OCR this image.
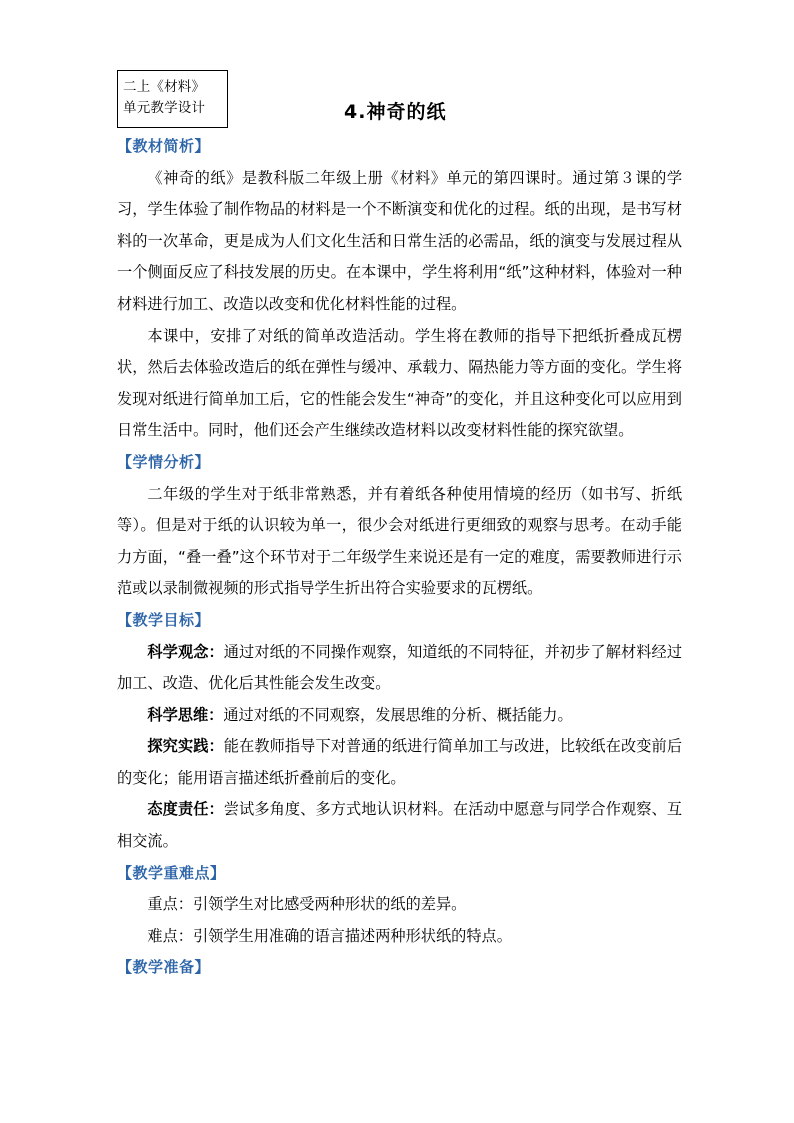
二上《材料》
单元教学设计	4.神奇的纸
【教材简析】

《神奇的纸》是教科版二年级上册《材料》单元的第四课时。通过第３课的学习，学生体验了制作物品的材料是一个不断演变和优化的过程。纸的出现，是书写材料的一次革命，更是成为人们文化生活和日常生活的必需品，纸的演变与发展过程从一个侧面反应了科技发展的历史。在本课中，学生将利用“纸”这种材料，体验对一种材料进行加工、改造以改变和优化材料性能的过程。

本课中，安排了对纸的简单改造活动。学生将在教师的指导下把纸折叠成瓦楞状，然后去体验改造后的纸在弹性与缓冲、承载力、隔热能力等方面的变化。学生将发现对纸进行简单加工后，它的性能会发生“神奇”的变化，并且这种变化可以应用到日常生活中。同时，他们还会产生继续改造材料以改变材料性能的探究欲望。

【学情分析】

二年级的学生对于纸非常熟悉，并有着纸各种使用情境的经历（如书写、折纸等）。但是对于纸的认识较为单一，很少会对纸进行更细致的观察与思考。在动手能力方面，“叠一叠”这个环节对于二年级学生来说还是有一定的难度，需要教师进行示范或以录制微视频的形式指导学生折出符合实验要求的瓦楞纸。

【教学目标】

科学观念：通过对纸的不同操作观察，知道纸的不同特征，并初步了解材料经过加工、改造、优化后其性能会发生改变。

科学思维：通过对纸的不同观察，发展思维的分析、概括能力。

探究实践：能在教师指导下对普通的纸进行简单加工与改进，比较纸在改变前后的变化；能用语言描述纸折叠前后的变化。

态度责任：尝试多角度、多方式地认识材料。在活动中愿意与同学合作观察、互相交流。

【教学重难点】

重点：引领学生对比感受两种形状的纸的差异。

难点：引领学生用准确的语言描述两种形状纸的特点。

【教学准备】
